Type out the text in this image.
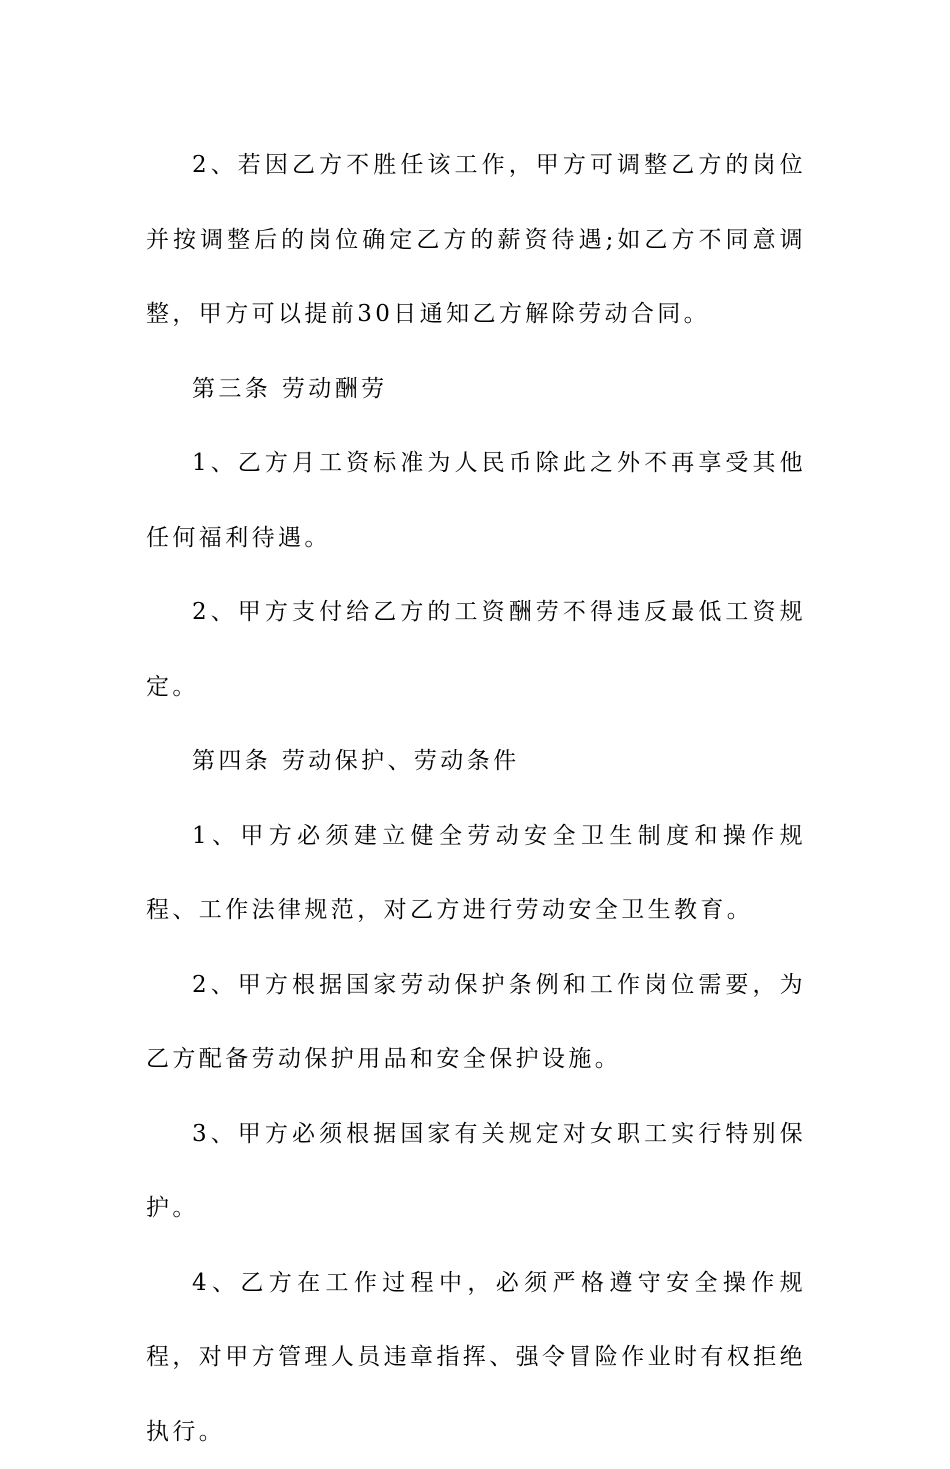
2、若因乙方不胜任该工作，甲方可调整乙方的岗位并按调整后的岗位确定乙方的薪资待遇;如乙方不同意调整，甲方可以提前30日通知乙方解除劳动合同。

第三条 劳动酬劳

1、乙方月工资标准为人民币除此之外不再享受其他任何福利待遇。

2、甲方支付给乙方的工资酬劳不得违反最低工资规定。

第四条 劳动保护、劳动条件

1、甲方必须建立健全劳动安全卫生制度和操作规程、工作法律规范，对乙方进行劳动安全卫生教育。

2、甲方根据国家劳动保护条例和工作岗位需要，为乙方配备劳动保护用品和安全保护设施。

3、甲方必须根据国家有关规定对女职工实行特别保护。

4、乙方在工作过程中，必须严格遵守安全操作规程，对甲方管理人员违章指挥、强令冒险作业时有权拒绝执行。
